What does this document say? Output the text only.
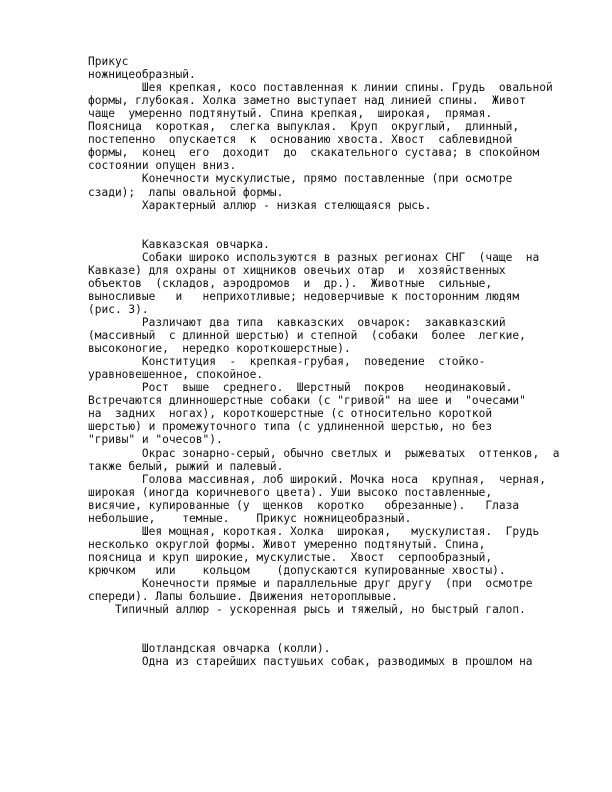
Прикус
ножницеобразный.
Шея крепкая, косо поставленная к линии спины. Грудь  овальной
формы, глубокая. Холка заметно выступает над линией спины.  Живот
чаще  умеренно подтянутый. Спина крепкая,  широкая,  прямая.
Поясница  короткая,  слегка выпуклая.  Круп  округлый,  длинный,
постепенно  опускается  к  основанию хвоста. Хвост  саблевидной
формы,  конец  его  доходит  до  скакательного сустава; в спокойном
состоянии опущен вниз.
Конечности мускулистые, прямо поставленные (при осмотре
сзади);  лапы овальной формы.
Характерный аллюр - низкая стелющаяся рысь.
Кавказская овчарка.
Собаки широко используются в разных регионах СНГ  (чаще  на
Кавказе) для охраны от хищников овечьих отар  и  хозяйственных
объектов  (складов, аэродромов  и  др.).  Животные  сильные,
выносливые   и   неприхотливые; недоверчивые к посторонним людям
(рис. 3).
Различают два типа  кавказских  овчарок:  закавказский
(массивный  с длинной шерстью) и степной  (собаки  более  легкие,
высоконогие,  нередко короткошерстные).
Конституция  -  крепкая-грубая,  поведение  стойко-
уравновешенное, спокойное.
Рост  выше  среднего.  Шерстный  покров   неодинаковый.
Встречаются длинношерстные собаки (с "гривой" на шее и  "очесами"
на  задних  ногах), короткошерстные (с относительно короткой
шерстью) и промежуточного типа (с удлиненной шерстью, но без
"гривы" и "очесов").
Окрас зонарно-серый, обычно светлых и  рыжеватых  оттенков,  а
также белый, рыжий и палевый.
Голова массивная, лоб широкий. Мочка носа  крупная,  черная,
широкая (иногда коричневого цвета). Уши высоко поставленные,
висячие, купированные (у  щенков  коротко   обрезанные).   Глаза
небольшие,    темные.    Прикус ножницеобразный.
Шея мощная, короткая. Холка  широкая,   мускулистая.  Грудь
несколько округлой формы. Живот умеренно подтянутый. Спина,
поясница и круп широкие, мускулистые.  Хвост  серпообразный,
крючком   или    кольцом    (допускаются купированные хвосты).
Конечности прямые и параллельные друг другу  (при  осмотре
спереди). Лапы большие. Движения нетороплывые.
Типичный аллюр - ускоренная рысь и тяжелый, но быстрый галоп.
Шотландская овчарка (колли).
Одна из старейших пастушьих собак, разводимых в прошлом на
